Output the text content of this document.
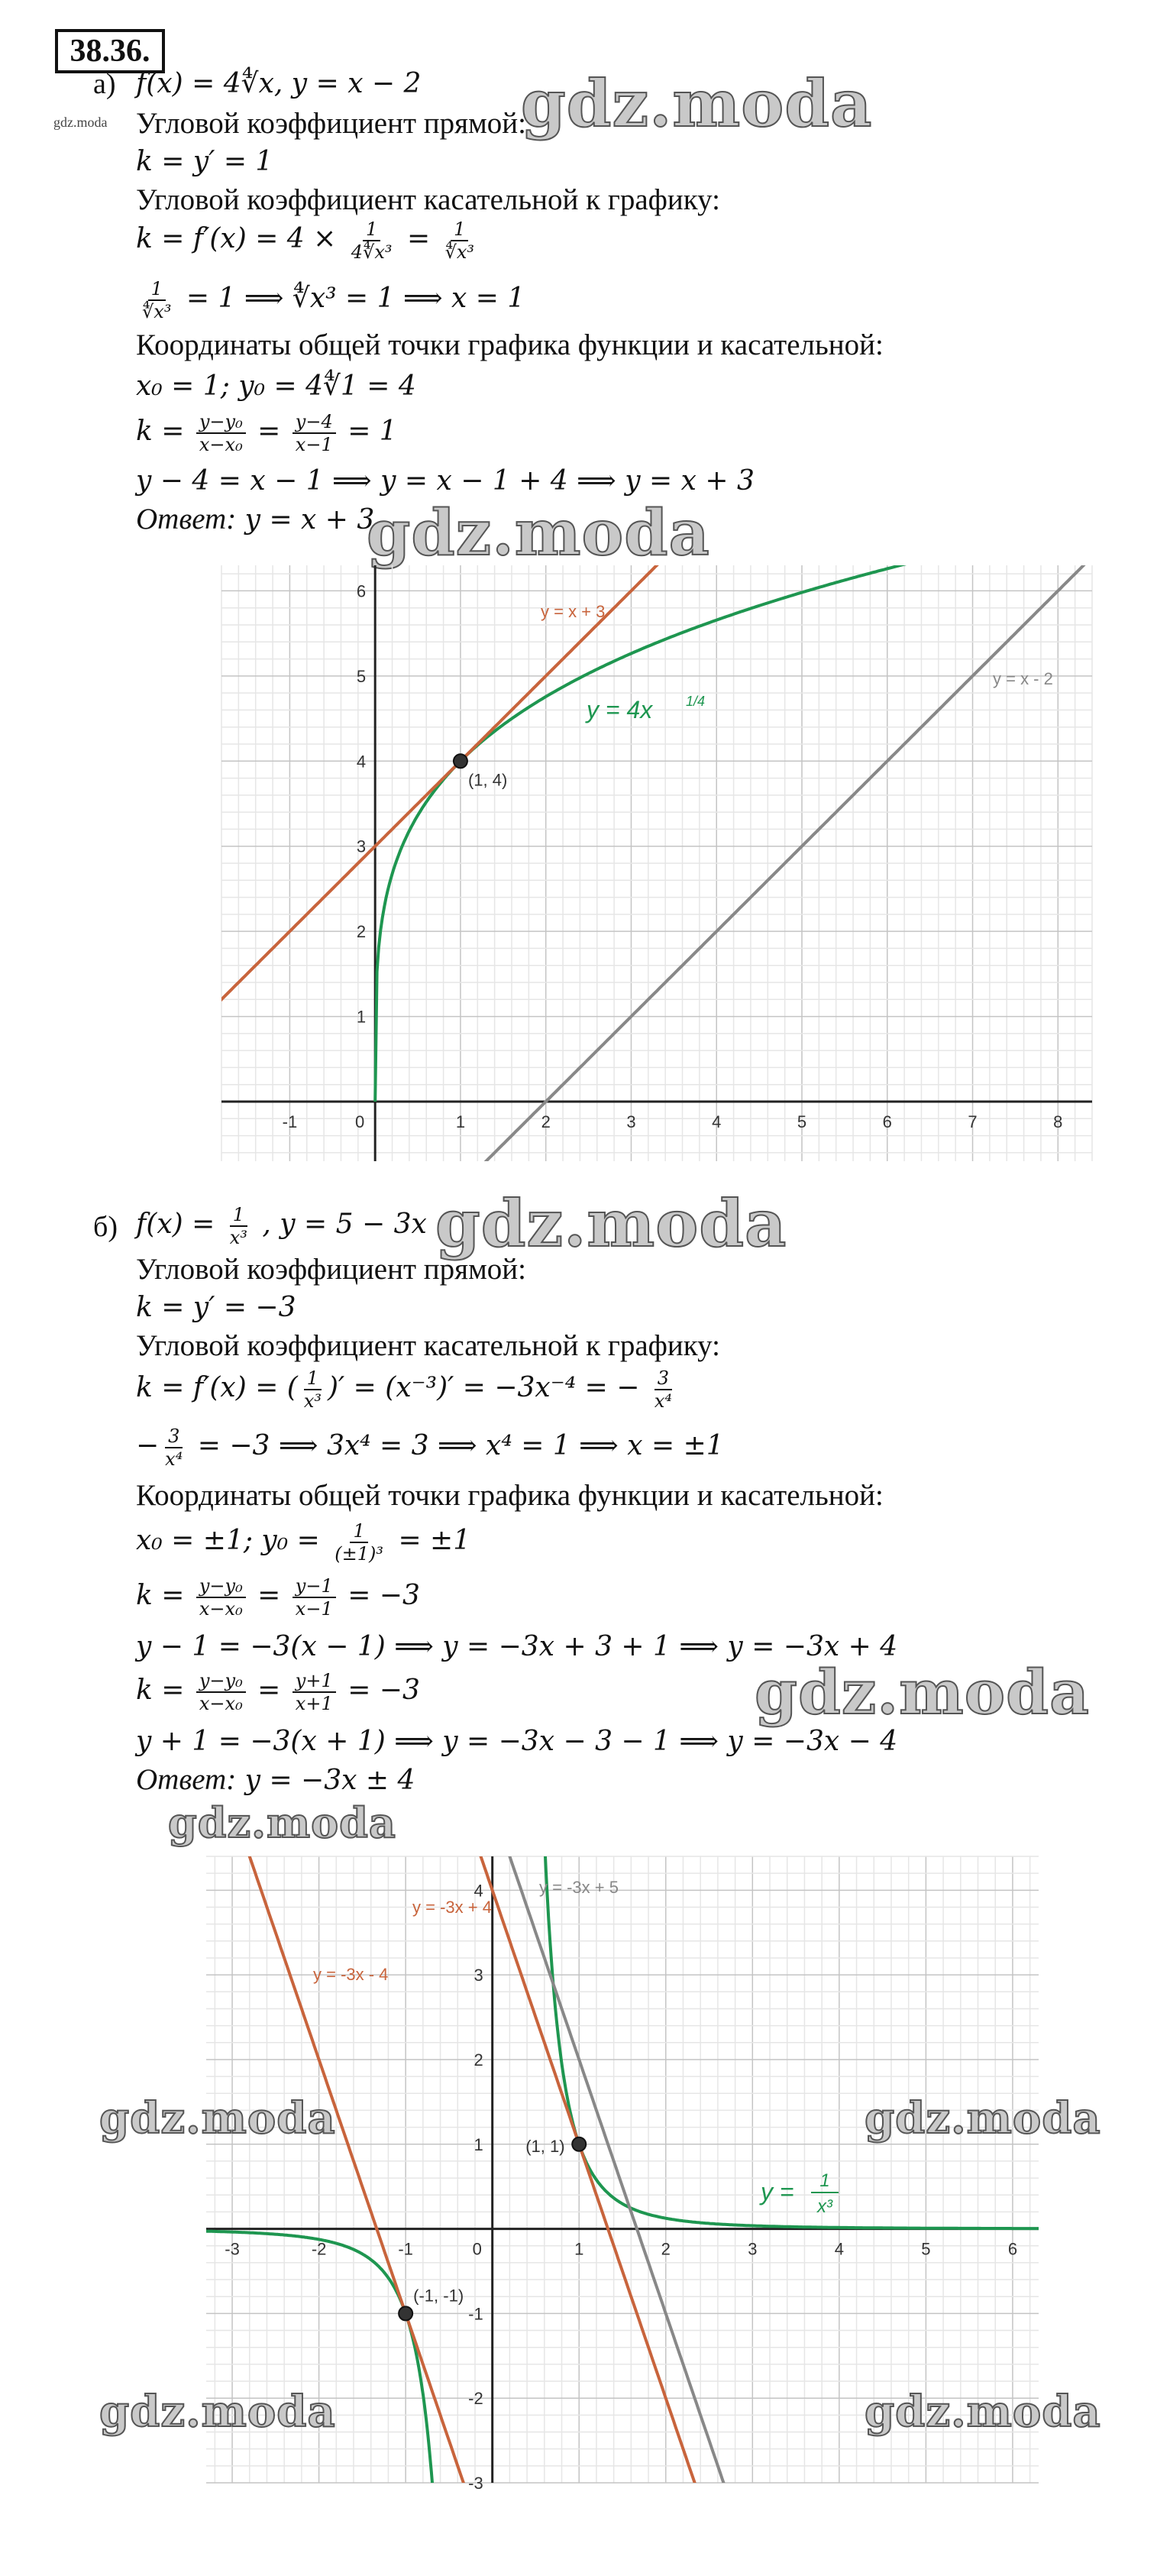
38.36.
gdz.moda
а) f(x) = 4∜x, y = x − 2
Угловой коэффициент прямой:
k = y′ = 1
Угловой коэффициент касательной к графику:
$k = f'(x) = 4 \times \frac{1}{\text{4∜x³}} = \frac{1}{\text{∜x³}}$
$\frac{1}{\text{∜x³}} = 1$ ⟹ ∜x³ = 1 ⟹ x = 1
Координаты общей точки графика функции и касательной:
x₀ = 1; y₀ = 4∜1 = 4
$k = \frac{\text{y−y₀}}{\text{x−x₀}} = \frac{y-4}{x-1} = 1$
y − 4 = x − 1 ⟹ y = x − 1 + 4 ⟹ y = x + 3
Ответ: y = x + 3
gdz.moda
gdz.moda
-1	0	1	2	3	4	5	6	7	8
1
2
3
4
5
6
y = 4x 1/4
y = x + 3
y = x - 2
(1, 4)
б) $f(x) = \frac{1}{\text{x³}}$ , y = 5 − 3x
Угловой коэффициент прямой:
k = y′ = −3
Угловой коэффициент касательной к графику:
k = f′(x) = ( $\frac{1}{\text{x³}}$ )′ = (x⁻³)′ = −3x⁻⁴ = − $\frac{3}{\text{x⁴}}$
− $\frac{3}{\text{x⁴}} = -3$ ⟹ 3x⁴ = 3 ⟹ x⁴ = 1 ⟹ x = ±1
Координаты общей точки графика функции и касательной:
x₀ = ±1; $y_0 = \frac{1}{\text{(±1)³}} = \pm 1$
$k = \frac{\text{y−y₀}}{\text{x−x₀}} = \frac{y-1}{x-1} = -3$
y − 1 = −3(x − 1) ⟹ y = −3x + 3 + 1 ⟹ y = −3x + 4
$k = \frac{\text{y−y₀}}{\text{x−x₀}} = \frac{y+1}{x+1} = -3$
y + 1 = −3(x + 1) ⟹ y = −3x − 3 − 1 ⟹ y = −3x − 4
Ответ: y = −3x ± 4
gdz.moda
gdz.moda
gdz.moda
-3	-2	-1	0	1	2	3	4	5	6
4
3
2
1
-1
-2
-3
y = 1
x³
y = -3x + 4
y = -3x - 4
y = -3x + 5
(1, 1)
(-1, -1)
gdz.moda	gdz.moda
gdz.moda	gdz.moda
